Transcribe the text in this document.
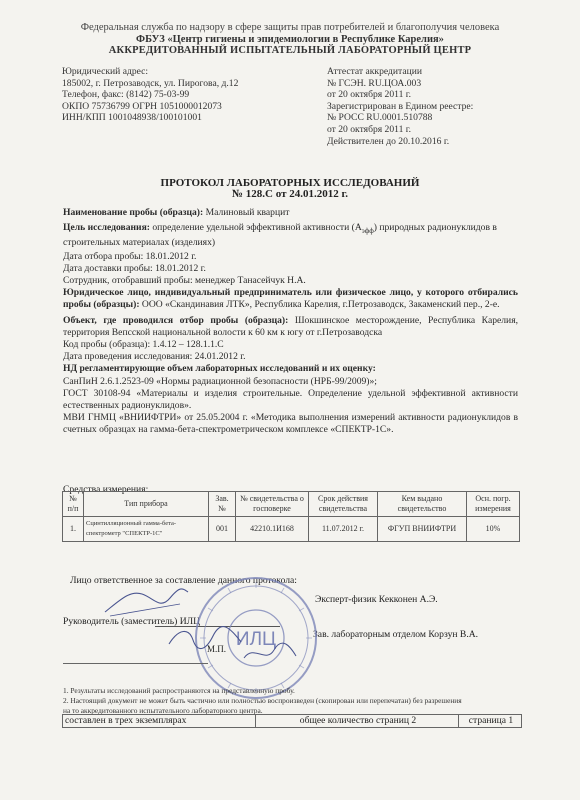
Федеральная служба по надзору в сфере защиты прав потребителей и благополучия человека
ФБУЗ «Центр гигиены и эпидемиологии в Республике Карелия»
АККРЕДИТОВАННЫЙ ИСПЫТАТЕЛЬНЫЙ ЛАБОРАТОРНЫЙ ЦЕНТР
Юридический адрес:
185002, г. Петрозаводск, ул. Пирогова, д.12
Телефон, факс: (8142) 75-03-99
ОКПО 75736799 ОГРН 1051000012073
ИНН/КПП 1001048938/100101001
Аттестат аккредитации
№ ГСЭН. RU.ЦОА.003
от 20 октября 2011 г.
Зарегистрирован в Едином реестре:
№ РОСС RU.0001.510788
от 20 октября 2011 г.
Действителен до 20.10.2016 г.
ПРОТОКОЛ ЛАБОРАТОРНЫХ ИССЛЕДОВАНИЙ
№ 128.С от 24.01.2012 г.

Наименование пробы (образца): Малиновый кварцит

Цель исследования: определение удельной эффективной активности $(А_{эфф})$ природных радионуклидов в строительных материалах (изделиях)

Дата отбора пробы: 18.01.2012 г.

Дата доставки пробы: 18.01.2012 г.

Сотрудник, отобравший пробы: менеджер Танасейчук Н.А.

Юридическое лицо, индивидуальный предприниматель или физическое лицо, у которого отбирались пробы (образцы): ООО «Скандинавия ЛТК», Республика Карелия, г.Петрозаводск, Закаменский пер., 2-е.

Объект, где проводился отбор пробы (образца): Шокшинское месторождение, Республика Карелия, территория Вепсской национальной волости к 60 км к югу от г.Петрозаводска

Код пробы (образца): 1.4.12 – 128.1.1.С

Дата проведения исследования: 24.01.2012 г.

НД регламентирующие объем лабораторных исследований и их оценку:

СанПиН 2.6.1.2523-09 «Нормы радиационной безопасности (НРБ-99/2009)»;

ГОСТ 30108-94 «Материалы и изделия строительные. Определение удельной эффективной активности естественных радионуклидов».

МВИ ГНМЦ «ВНИИФТРИ» от 25.05.2004 г. «Методика выполнения измерений активности радионуклидов в счетных образцах на гамма-бета-спектрометрическом комплексе «СПЕКТР-1С».

Средства измерения:
№ п/п	Тип прибора	Зав. №	№ свидетельства о госповерке	Срок действия свидетельства	Кем выдано свидетельство	Осн. погр. измерения
1.	Сцинтилляционный гамма-бета-спектрометр "СПЕКТР-1С"	001	42210.1И168	11.07.2012 г.	ФГУП ВНИИФТРИ	10%
Лицо ответственное за составление данного протокола:
Эксперт-физик Кекконен А.Э.
Руководитель (заместитель) ИЛЦ
М.П.
Зав. лабораторным отделом Корзун В.А.
ИЛЦ

1. Результаты исследований распространяются на представленную пробу.

2. Настоящий документ не может быть частично или полностью воспроизведен (скопирован или перепечатан) без разрешения

на то аккредитованного испытательного лабораторного центра.

составлен в трех экземплярах	общее количество страниц 2	страница 1
